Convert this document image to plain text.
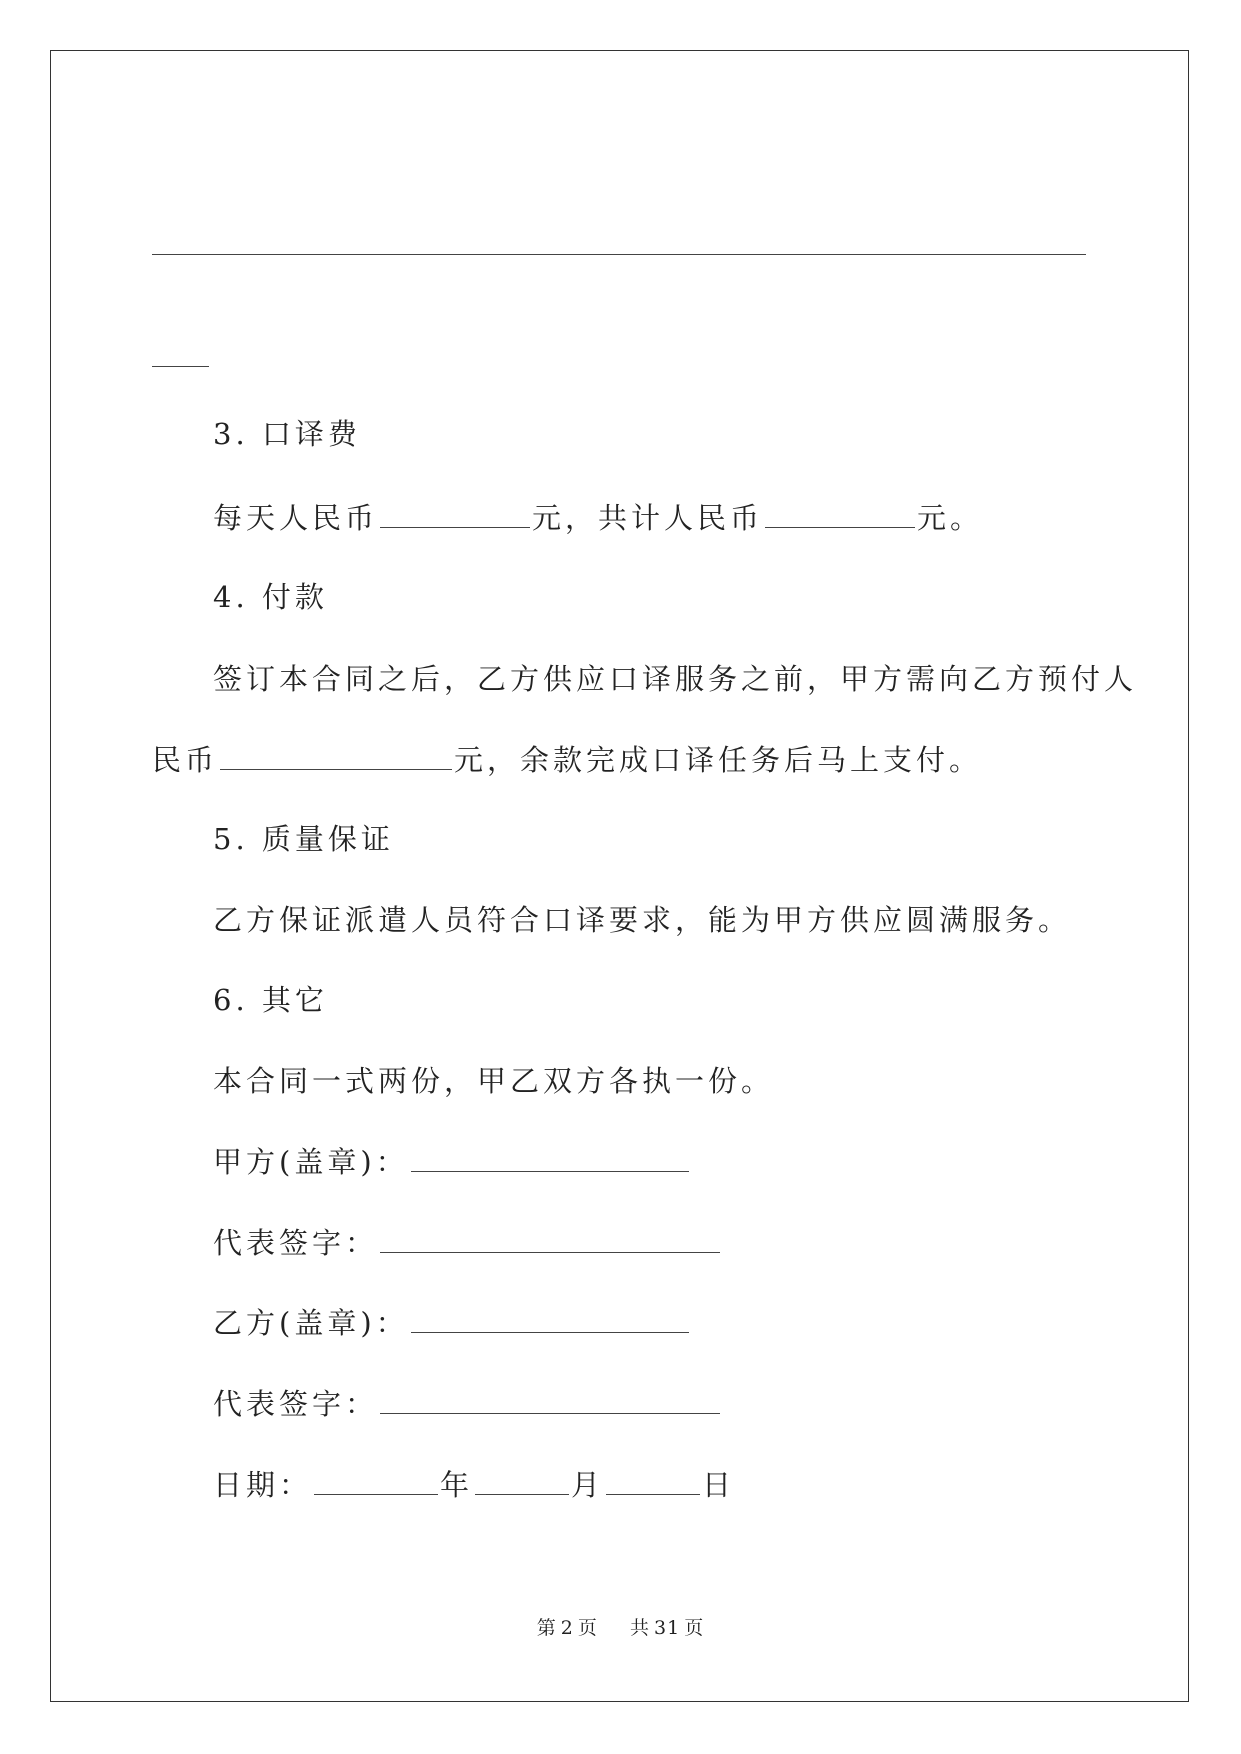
3. 口译费
每天人民币	元，共计人民币	元。
4. 付款
签订本合同之后，乙方供应口译服务之前，甲方需向乙方预付人
民币	元，余款完成口译任务后马上支付。
5. 质量保证
乙方保证派遣人员符合口译要求，能为甲方供应圆满服务。
6. 其它
本合同一式两份，甲乙双方各执一份。
甲方(盖章)：
代表签字：
乙方(盖章)：
代表签字：
日期：	年	月	日
第 2 页 共 31 页
